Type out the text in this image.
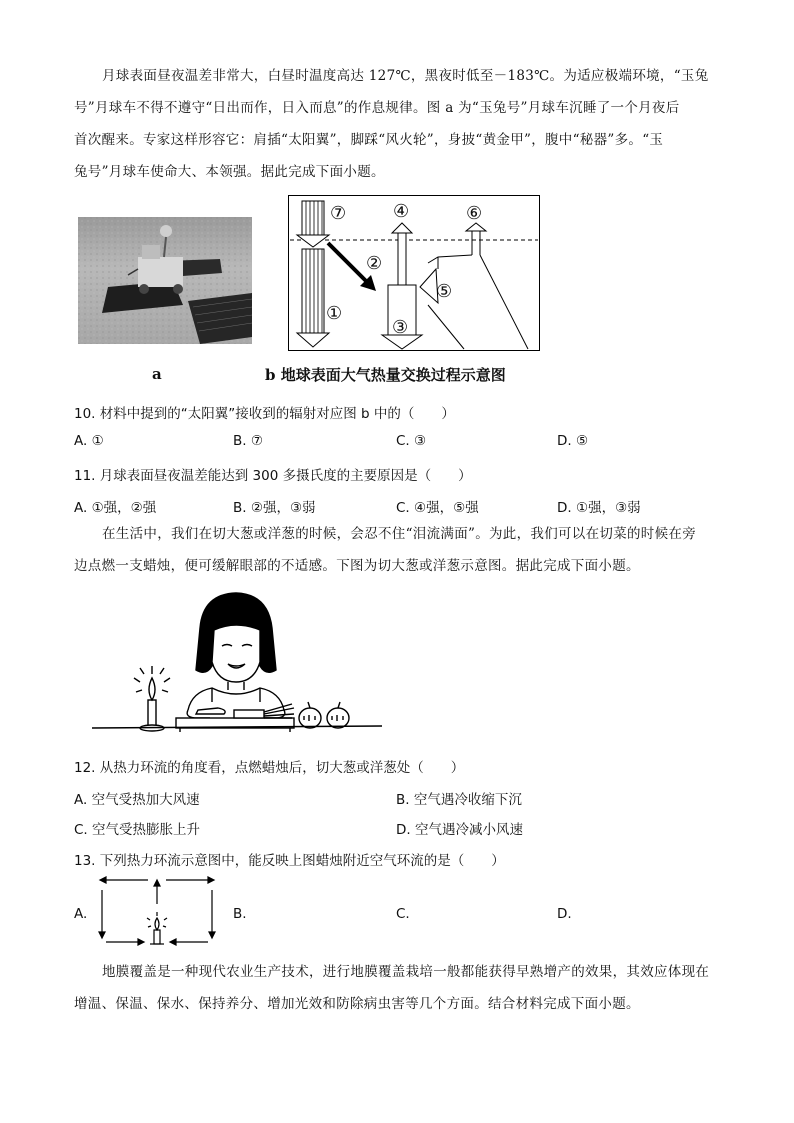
月球表面昼夜温差非常大，白昼时温度高达 127℃，黑夜时低至－183℃。为适应极端环境，“玉兔
号”月球车不得不遵守“日出而作，日入而息”的作息规律。图 a 为“玉兔号”月球车沉睡了一个月夜后
首次醒来。专家这样形容它：肩插“太阳翼”，脚踩“风火轮”，身披“黄金甲”，腹中“秘器”多。“玉
兔号”月球车使命大、本领强。据此完成下面小题。
⑦	④	⑥
②
⑤
①
③
a	b 地球表面大气热量交换过程示意图
10. 材料中提到的“太阳翼”接收到的辐射对应图 b 中的（　　）
A. ①	B. ⑦	C. ③	D. ⑤
11. 月球表面昼夜温差能达到 300 多摄氏度的主要原因是（　　）
A. ①强，②强	B. ②强，③弱	C. ④强，⑤强	D. ①强，③弱
在生活中，我们在切大葱或洋葱的时候，会忍不住“泪流满面”。为此，我们可以在切菜的时候在旁
边点燃一支蜡烛，便可缓解眼部的不适感。下图为切大葱或洋葱示意图。据此完成下面小题。
12. 从热力环流的角度看，点燃蜡烛后，切大葱或洋葱处（　　）
A. 空气受热加大风速	B. 空气遇冷收缩下沉
C. 空气受热膨胀上升	D. 空气遇冷减小风速
13. 下列热力环流示意图中，能反映上图蜡烛附近空气环流的是（　　）
A.	B.	C.	D.
地膜覆盖是一种现代农业生产技术，进行地膜覆盖栽培一般都能获得早熟增产的效果，其效应体现在
增温、保温、保水、保持养分、增加光效和防除病虫害等几个方面。结合材料完成下面小题。
